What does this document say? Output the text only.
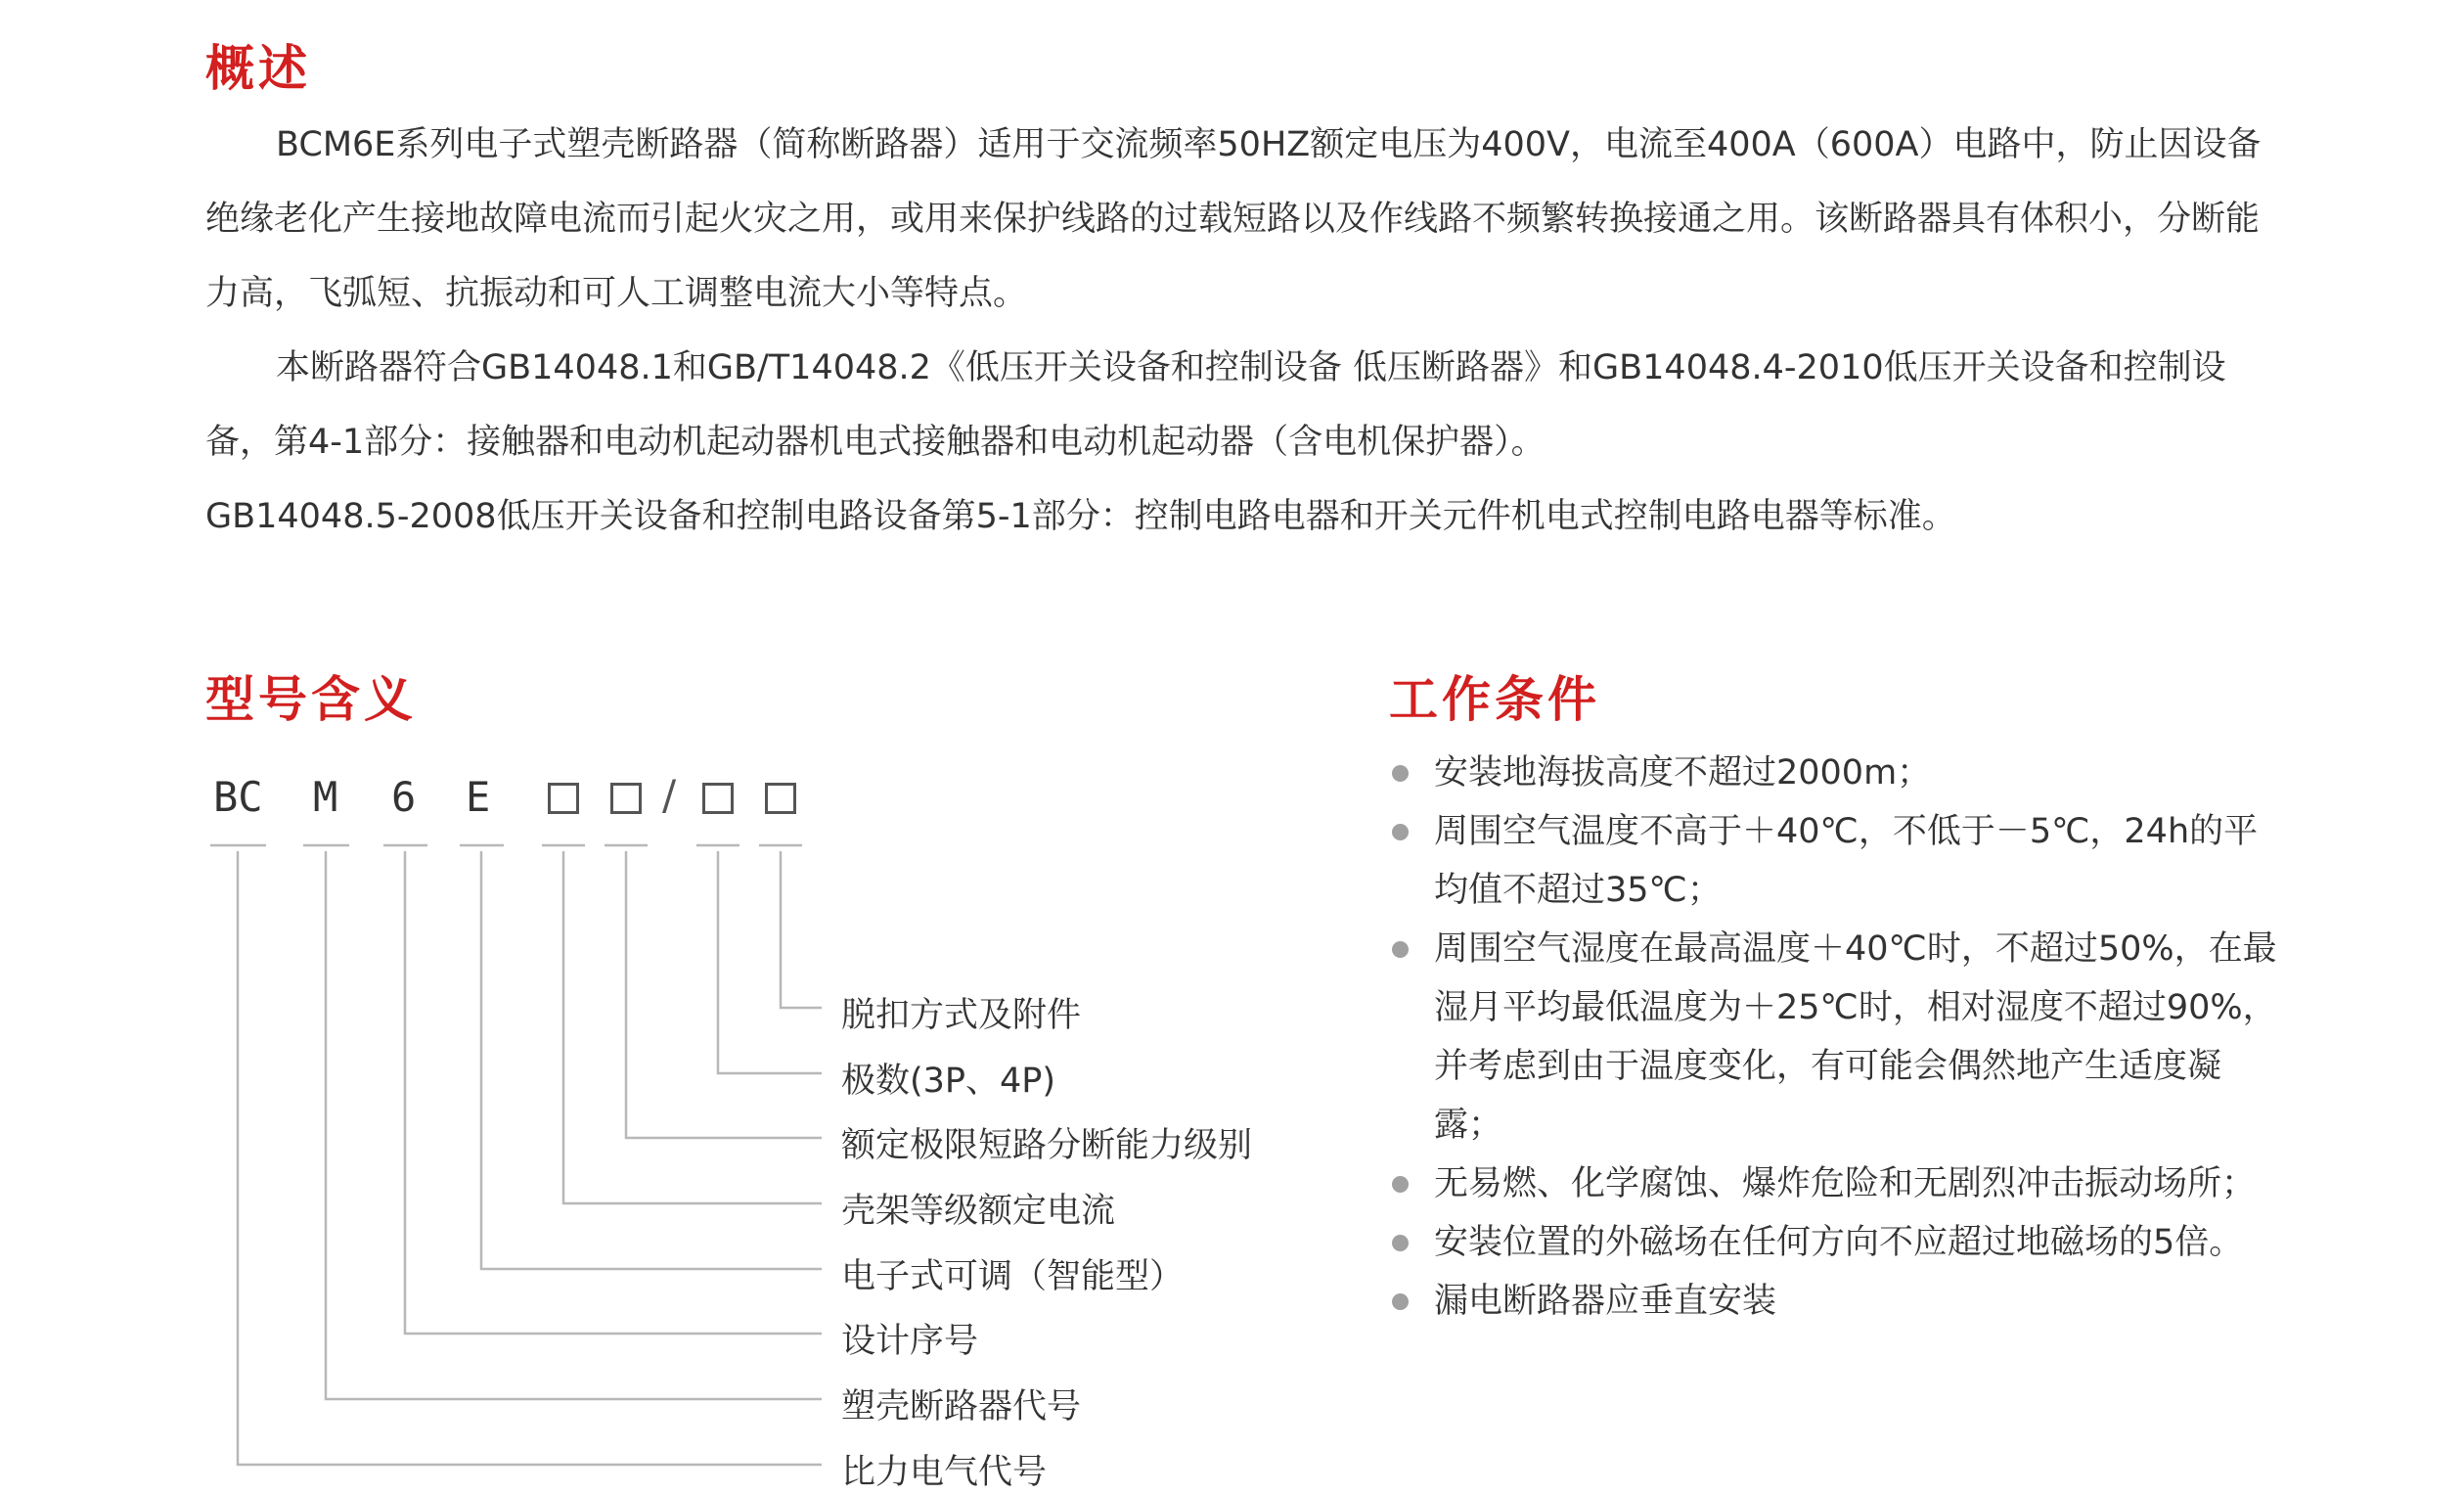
概述

BCM6E系列电子式塑壳断路器（简称断路器）适用于交流频率50HZ额定电压为400V，电流至400A（600A）电路中，防止因设备绝缘老化产生接地故障电流而引起火灾之用，或用来保护线路的过载短路以及作线路不频繁转换接通之用。该断路器具有体积小，分断能力高，飞弧短、抗振动和可人工调整电流大小等特点。

本断路器符合GB14048.1和GB/T14048.2《低压开关设备和控制设备 低压断路器》和GB14048.4-2010低压开关设备和控制设备，第4-1部分：接触器和电动机起动器机电式接触器和电动机起动器（含电机保护器）。

GB14048.5-2008低压开关设备和控制电路设备第5-1部分：控制电路电器和开关元件机电式控制电路电器等标准。

型号含义
BC M 6 E	/
脱扣方式及附件
极数(3P、4P)
额定极限短路分断能力级别
壳架等级额定电流
电子式可调（智能型）
设计序号
塑壳断路器代号
比力电气代号
工作条件
安装地海拔高度不超过2000m；
周围空气温度不高于＋40℃，不低于－5℃，24h的平均值不超过35℃；
周围空气湿度在最高温度＋40℃时，不超过50%，在最湿月平均最低温度为＋25℃时，相对湿度不超过90%，并考虑到由于温度变化，有可能会偶然地产生适度凝露；
无易燃、化学腐蚀、爆炸危险和无剧烈冲击振动场所；
安装位置的外磁场在任何方向不应超过地磁场的5倍。
漏电断路器应垂直安装
